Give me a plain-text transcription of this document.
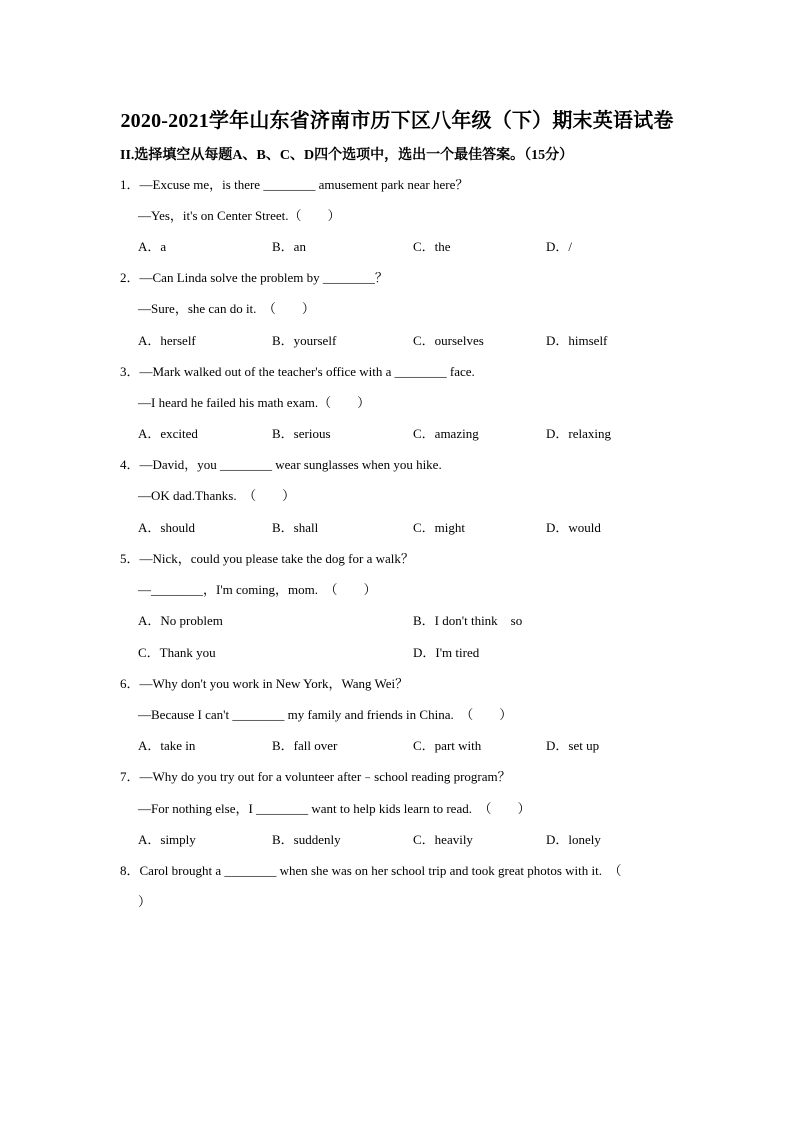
2020-2021学年山东省济南市历下区八年级（下）期末英语试卷
II.选择填空从每题A、B、C、D四个选项中，选出一个最佳答案。（15分）
1．—Excuse me，is there ________ amusement park near here？
—Yes，it's on Center Street.（　　）
A．a	B．an	C．the	D．/
2．—Can Linda solve the problem by ________？
—Sure，she can do it.　（　　）
A．herself	B．yourself	C．ourselves	D．himself
3．—Mark walked out of the teacher's office with a ________ face.
—I heard he failed his math exam.（　　）
A．excited	B．serious	C．amazing	D．relaxing
4．—David，you ________ wear sunglasses when you hike.
—OK dad.Thanks.　（　　）
A．should	B．shall	C．might	D．would
5．—Nick，could you please take the dog for a walk？
—________，I'm coming，mom.　（　　）
A．No problem	B．I don't think　so
C．Thank you	D．I'm tired
6．—Why don't you work in New York，Wang Wei？
—Because I can't ________ my family and friends in China.　（　　）
A．take in	B．fall over	C．part with	D．set up
7．—Why do you try out for a volunteer after﹣school reading program？
—For nothing else，I ________ want to help kids learn to read.　（　　）
A．simply	B．suddenly	C．heavily	D．lonely
8．Carol brought a ________ when she was on her school trip and took great photos with it.　（
）
